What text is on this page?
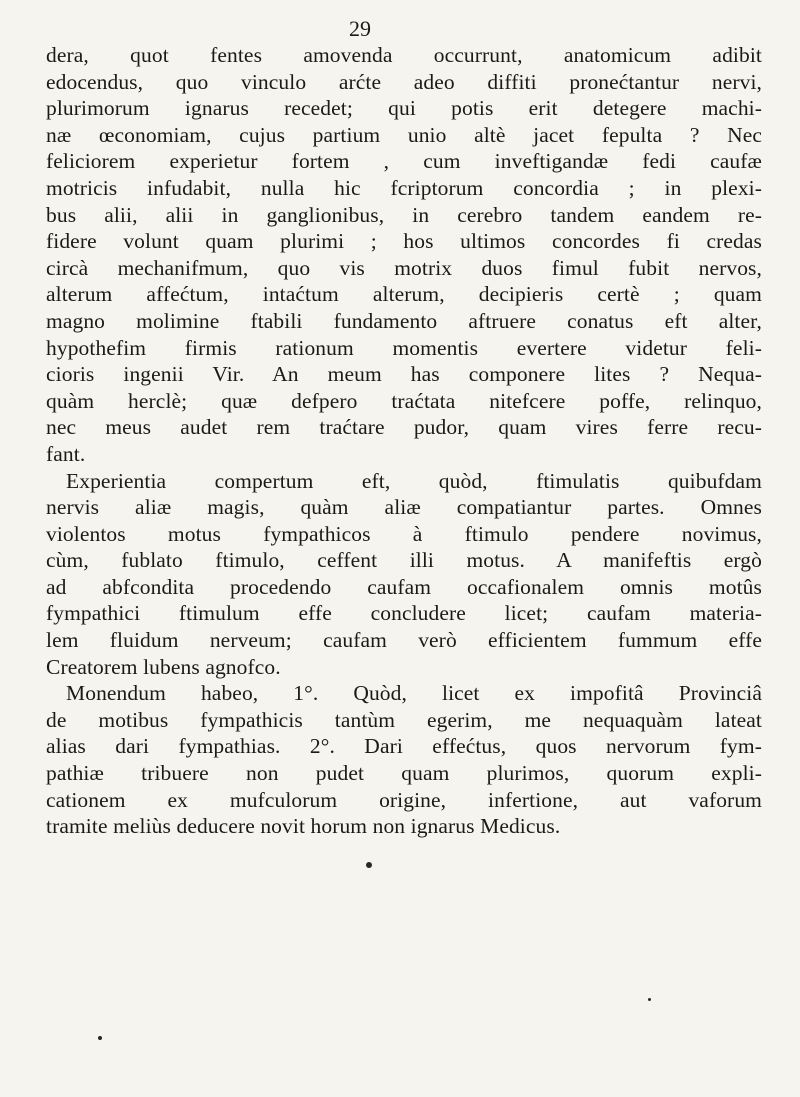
29
dera, quot fentes amovenda occurrunt, anatomicum adibit
edocendus, quo vinculo arćte adeo diffiti pronećtantur nervi,
plurimorum ignarus recedet; qui potis erit detegere machi-
næ œconomiam, cujus partium unio altè jacet fepulta ? Nec
feliciorem experietur fortem , cum inveftigandæ fedi caufæ
motricis infudabit, nulla hic fcriptorum concordia ; in plexi-
bus alii, alii in ganglionibus, in cerebro tandem eandem re-
fidere volunt quam plurimi ; hos ultimos concordes fi credas
circà mechanifmum, quo vis motrix duos fimul fubit nervos,
alterum affećtum, intaćtum alterum, decipieris certè ; quam
magno molimine ftabili fundamento aftruere conatus eft alter,
hypothefim firmis rationum momentis evertere videtur feli-
cioris ingenii Vir. An meum has componere lites ? Nequa-
quàm herclè; quæ defpero traćtata nitefcere poffe, relinquo,
nec meus audet rem traćtare pudor, quam vires ferre recu-
fant.
Experientia compertum eft, quòd, ftimulatis quibufdam
nervis aliæ magis, quàm aliæ compatiantur partes. Omnes
violentos motus fympathicos à ftimulo pendere novimus,
cùm, fublato ftimulo, ceffent illi motus. A manifeftis ergò
ad abfcondita procedendo caufam occafionalem omnis motûs
fympathici ftimulum effe concludere licet; caufam materia-
lem fluidum nerveum; caufam verò efficientem fummum effe
Creatorem lubens agnofco.
Monendum habeo, 1°. Quòd, licet ex impofitâ Provinciâ
de motibus fympathicis tantùm egerim, me nequaquàm lateat
alias dari fympathias. 2°. Dari effećtus, quos nervorum fym-
pathiæ tribuere non pudet quam plurimos, quorum expli-
cationem ex mufculorum origine, infertione, aut vaforum
tramite meliùs deducere novit horum non ignarus Medicus.
